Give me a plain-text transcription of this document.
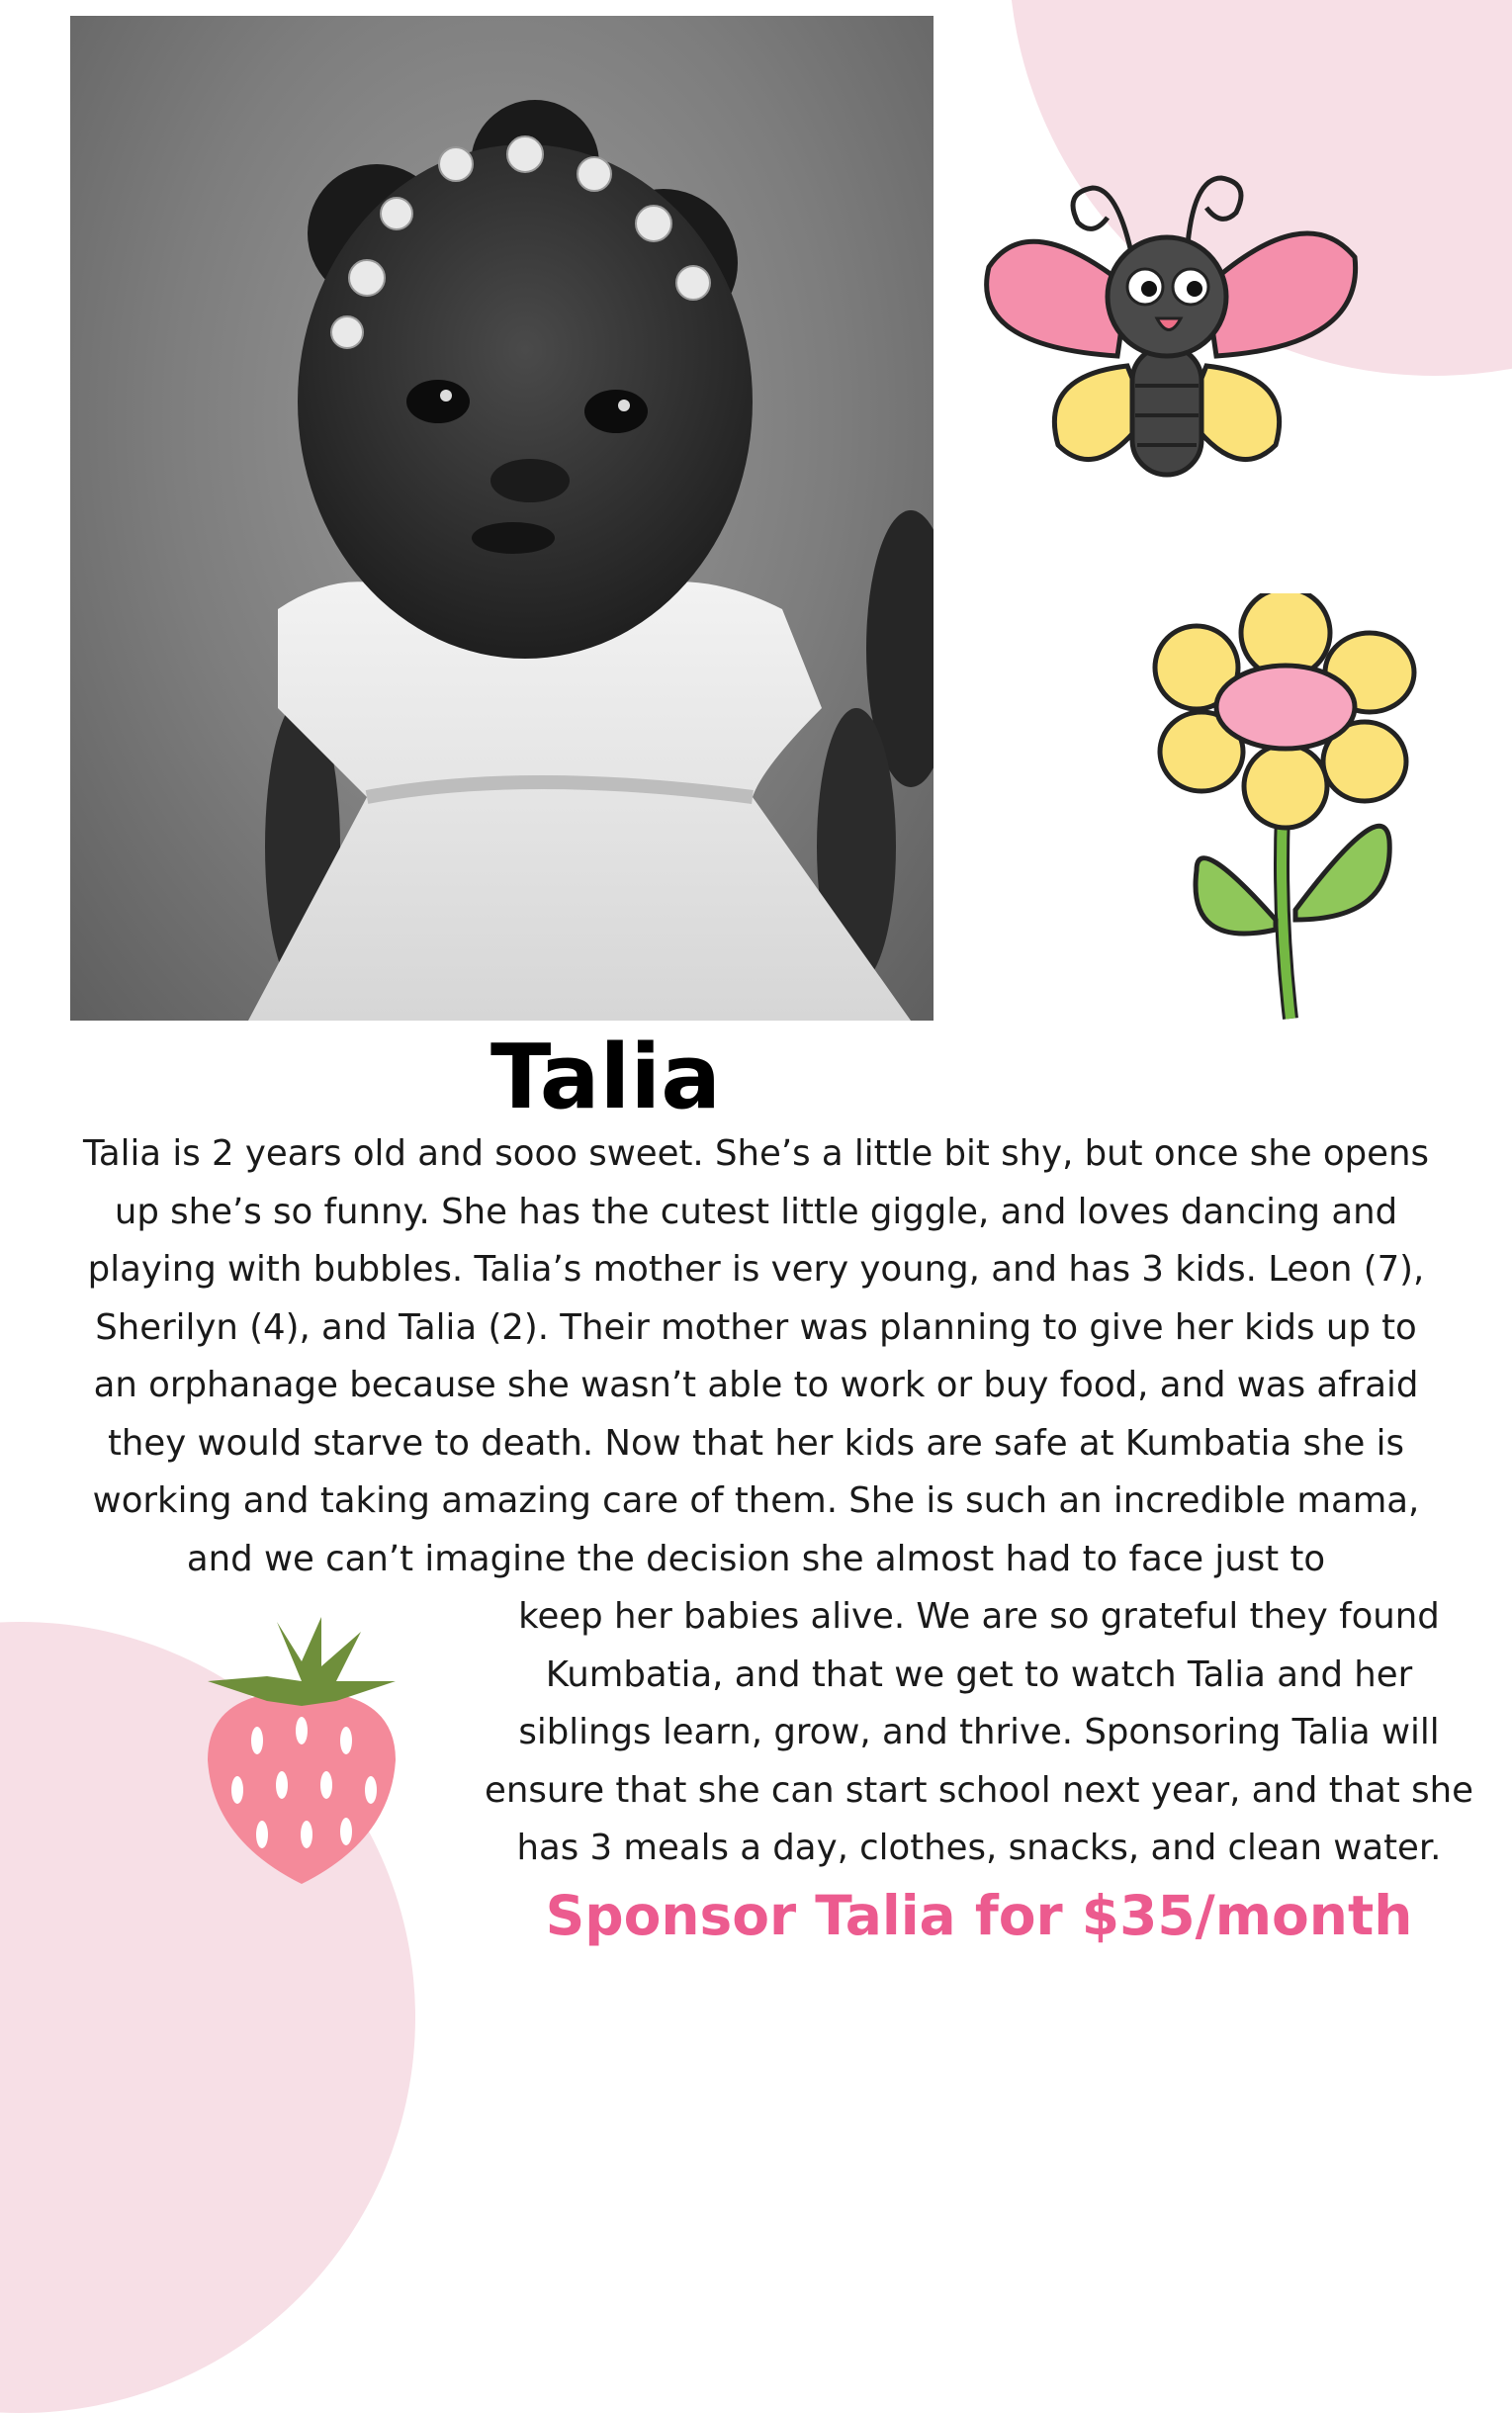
Talia
Talia is 2 years old and sooo sweet. She’s a little bit shy, but once she opens
up she’s so funny. She has the cutest little giggle, and loves dancing and
playing with bubbles. Talia’s mother is very young, and has 3 kids. Leon (7),
Sherilyn (4), and Talia (2). Their mother was planning to give her kids up to
an orphanage because she wasn’t able to work or buy food, and was afraid
they would starve to death. Now that her kids are safe at Kumbatia she is
working and taking amazing care of them. She is such an incredible mama,
and we can’t imagine the decision she almost had to face just to
keep her babies alive. We are so grateful they found
Kumbatia, and that we get to watch Talia and her
siblings learn, grow, and thrive. Sponsoring Talia will
ensure that she can start school next year, and that she
has 3 meals a day, clothes, snacks, and clean water.
Sponsor Talia for $35/month
